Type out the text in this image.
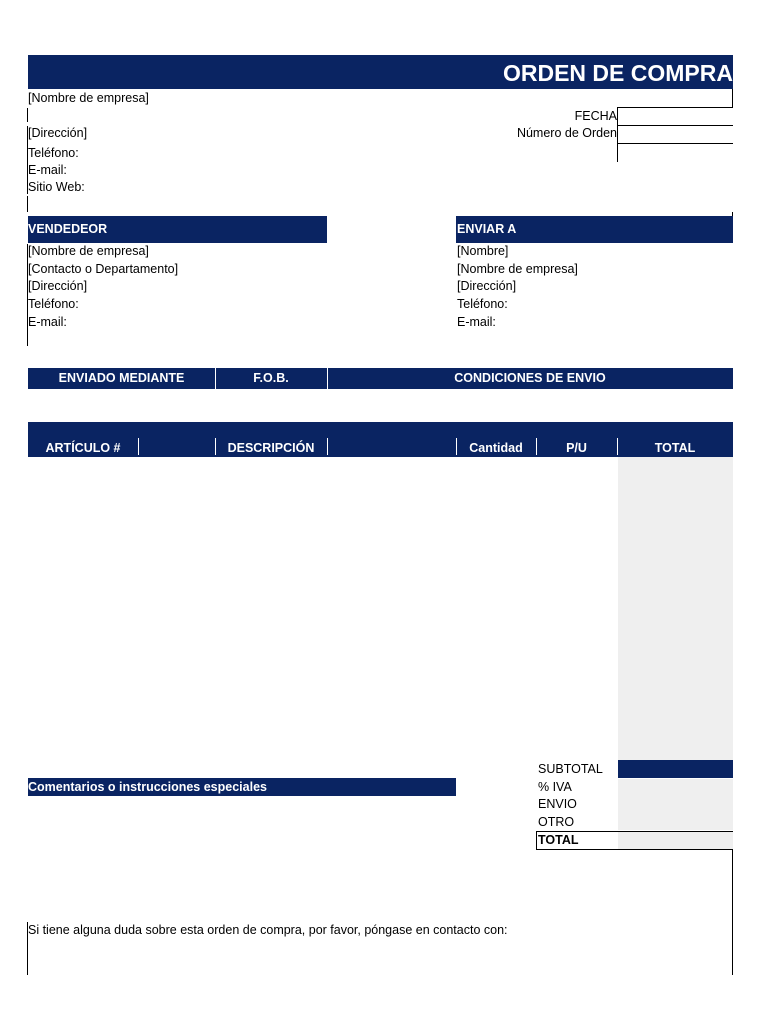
ORDEN DE COMPRA
[Nombre de empresa]
[Dirección]
Teléfono:
E-mail:
Sitio Web:
FECHA
Número de Orden
VENDEDEOR	ENVIAR A
[Nombre de empresa]
[Contacto o Departamento]
[Dirección]
Teléfono:
E-mail:
[Nombre]
[Nombre de empresa]
[Dirección]
Teléfono:
E-mail:
ENVIADO MEDIANTE	F.O.B.	CONDICIONES DE ENVIO
ARTÍCULO #	DESCRIPCIÓN	Cantidad	P/U	TOTAL
SUBTOTAL
% IVA
ENVIO
OTRO
TOTAL
Comentarios o instrucciones especiales
Si tiene alguna duda sobre esta orden de compra, por favor, póngase en contacto con:
